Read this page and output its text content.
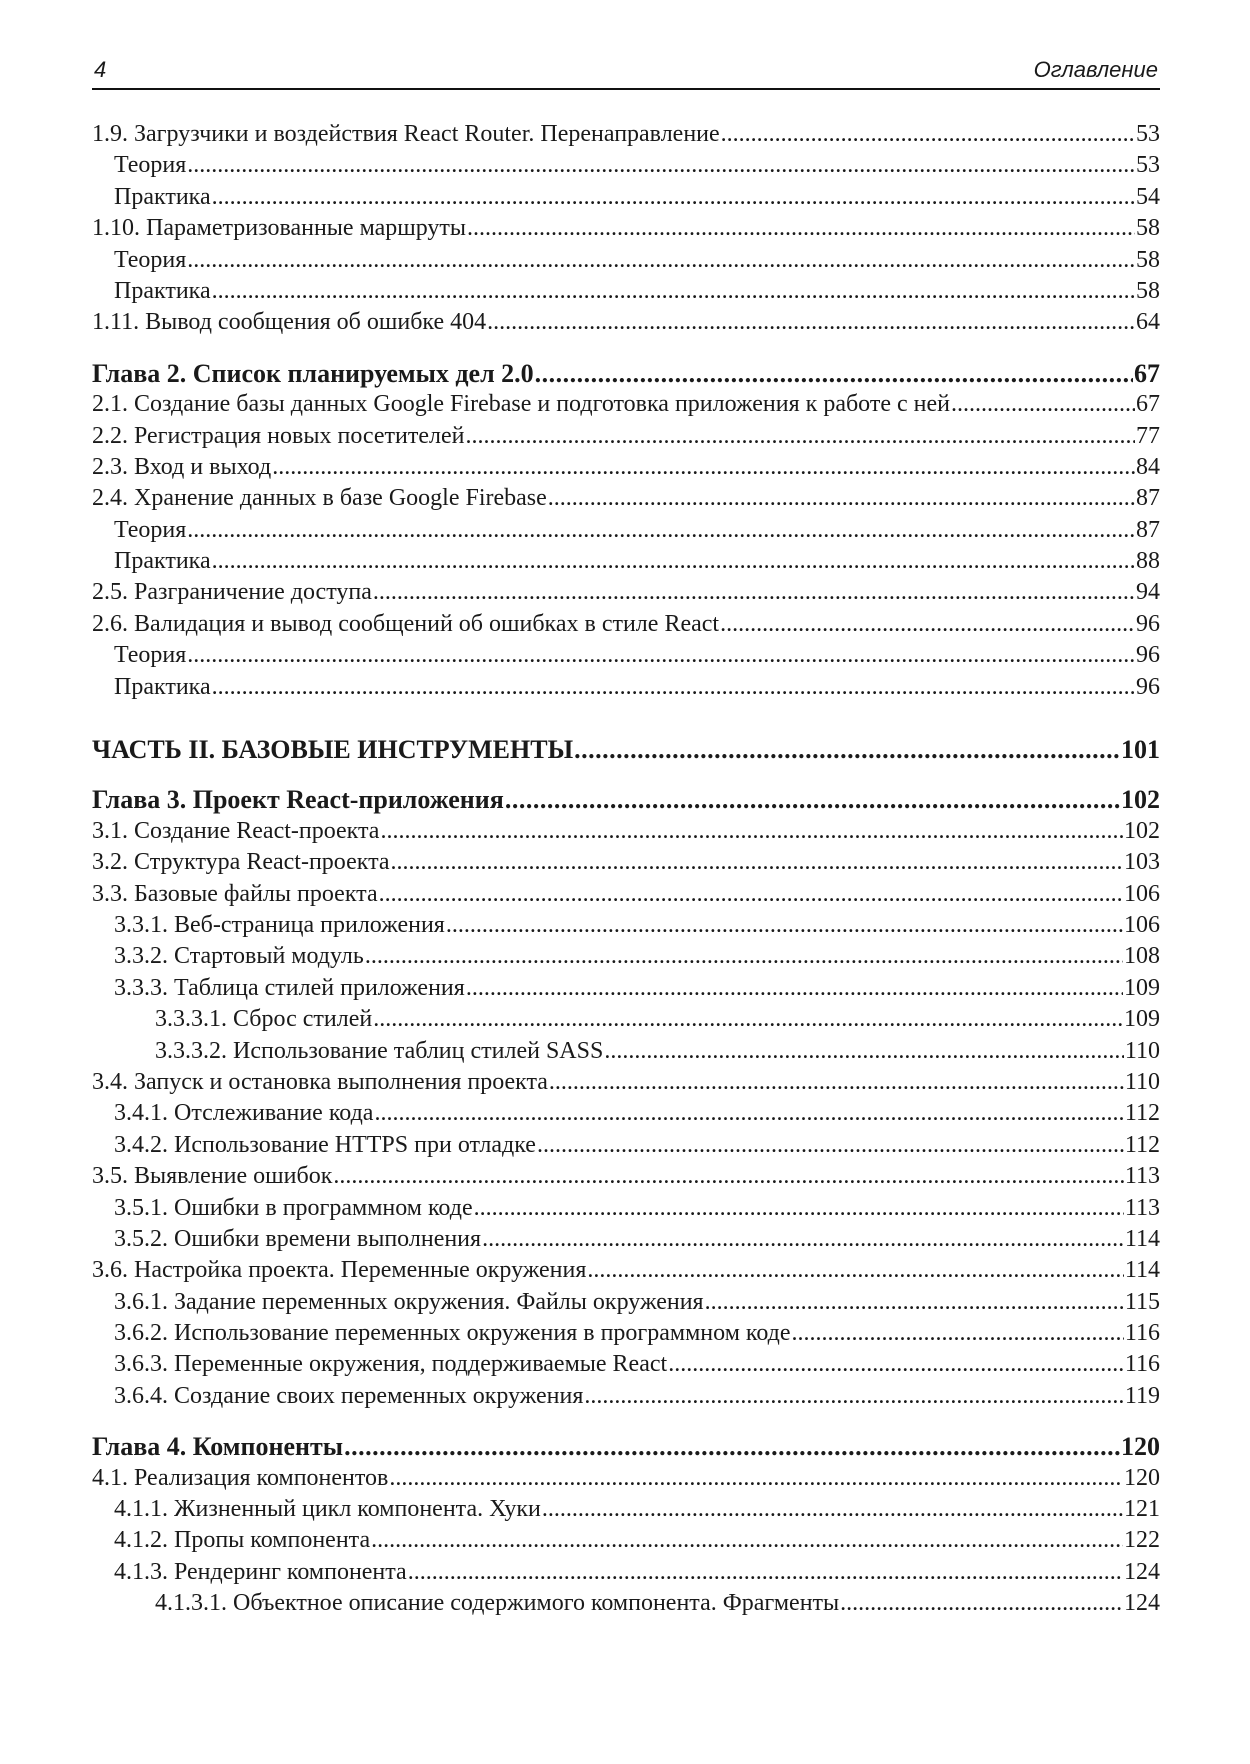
4	Оглавление
1.9. Загрузчики и воздействия React Router. Перенаправление . . .	53
Теория . . .	53
Практика . . .	54
1.10. Параметризованные маршруты . . .	58
Теория . . .	58
Практика . . .	58
1.11. Вывод сообщения об ошибке 404 . . .	64
Глава 2. Список планируемых дел 2.0 . . .	67
2.1. Создание базы данных Google Firebase и подготовка приложения к работе с ней . . .	67
2.2. Регистрация новых посетителей . . .	77
2.3. Вход и выход . . .	84
2.4. Хранение данных в базе Google Firebase . . .	87
Теория . . .	87
Практика . . .	88
2.5. Разграничение доступа . . .	94
2.6. Валидация и вывод сообщений об ошибках в стиле React . . .	96
Теория . . .	96
Практика . . .	96
ЧАСТЬ II. БАЗОВЫЕ ИНСТРУМЕНТЫ . . .	101
Глава 3. Проект React-приложения . . .	102
3.1. Создание React-проекта . . .	102
3.2. Структура React-проекта . . .	103
3.3. Базовые файлы проекта . . .	106
3.3.1. Веб-страница приложения . . .	106
3.3.2. Стартовый модуль . . .	108
3.3.3. Таблица стилей приложения . . .	109
3.3.3.1. Сброс стилей . . .	109
3.3.3.2. Использование таблиц стилей SASS . . .	110
3.4. Запуск и остановка выполнения проекта . . .	110
3.4.1. Отслеживание кода . . .	112
3.4.2. Использование HTTPS при отладке . . .	112
3.5. Выявление ошибок . . .	113
3.5.1. Ошибки в программном коде . . .	113
3.5.2. Ошибки времени выполнения . . .	114
3.6. Настройка проекта. Переменные окружения . . .	114
3.6.1. Задание переменных окружения. Файлы окружения . . .	115
3.6.2. Использование переменных окружения в программном коде . . .	116
3.6.3. Переменные окружения, поддерживаемые React . . .	116
3.6.4. Создание своих переменных окружения . . .	119
Глава 4. Компоненты . . .	120
4.1. Реализация компонентов . . .	120
4.1.1. Жизненный цикл компонента. Хуки . . .	121
4.1.2. Пропы компонента . . .	122
4.1.3. Рендеринг компонента . . .	124
4.1.3.1. Объектное описание содержимого компонента. Фрагменты . . .	124
